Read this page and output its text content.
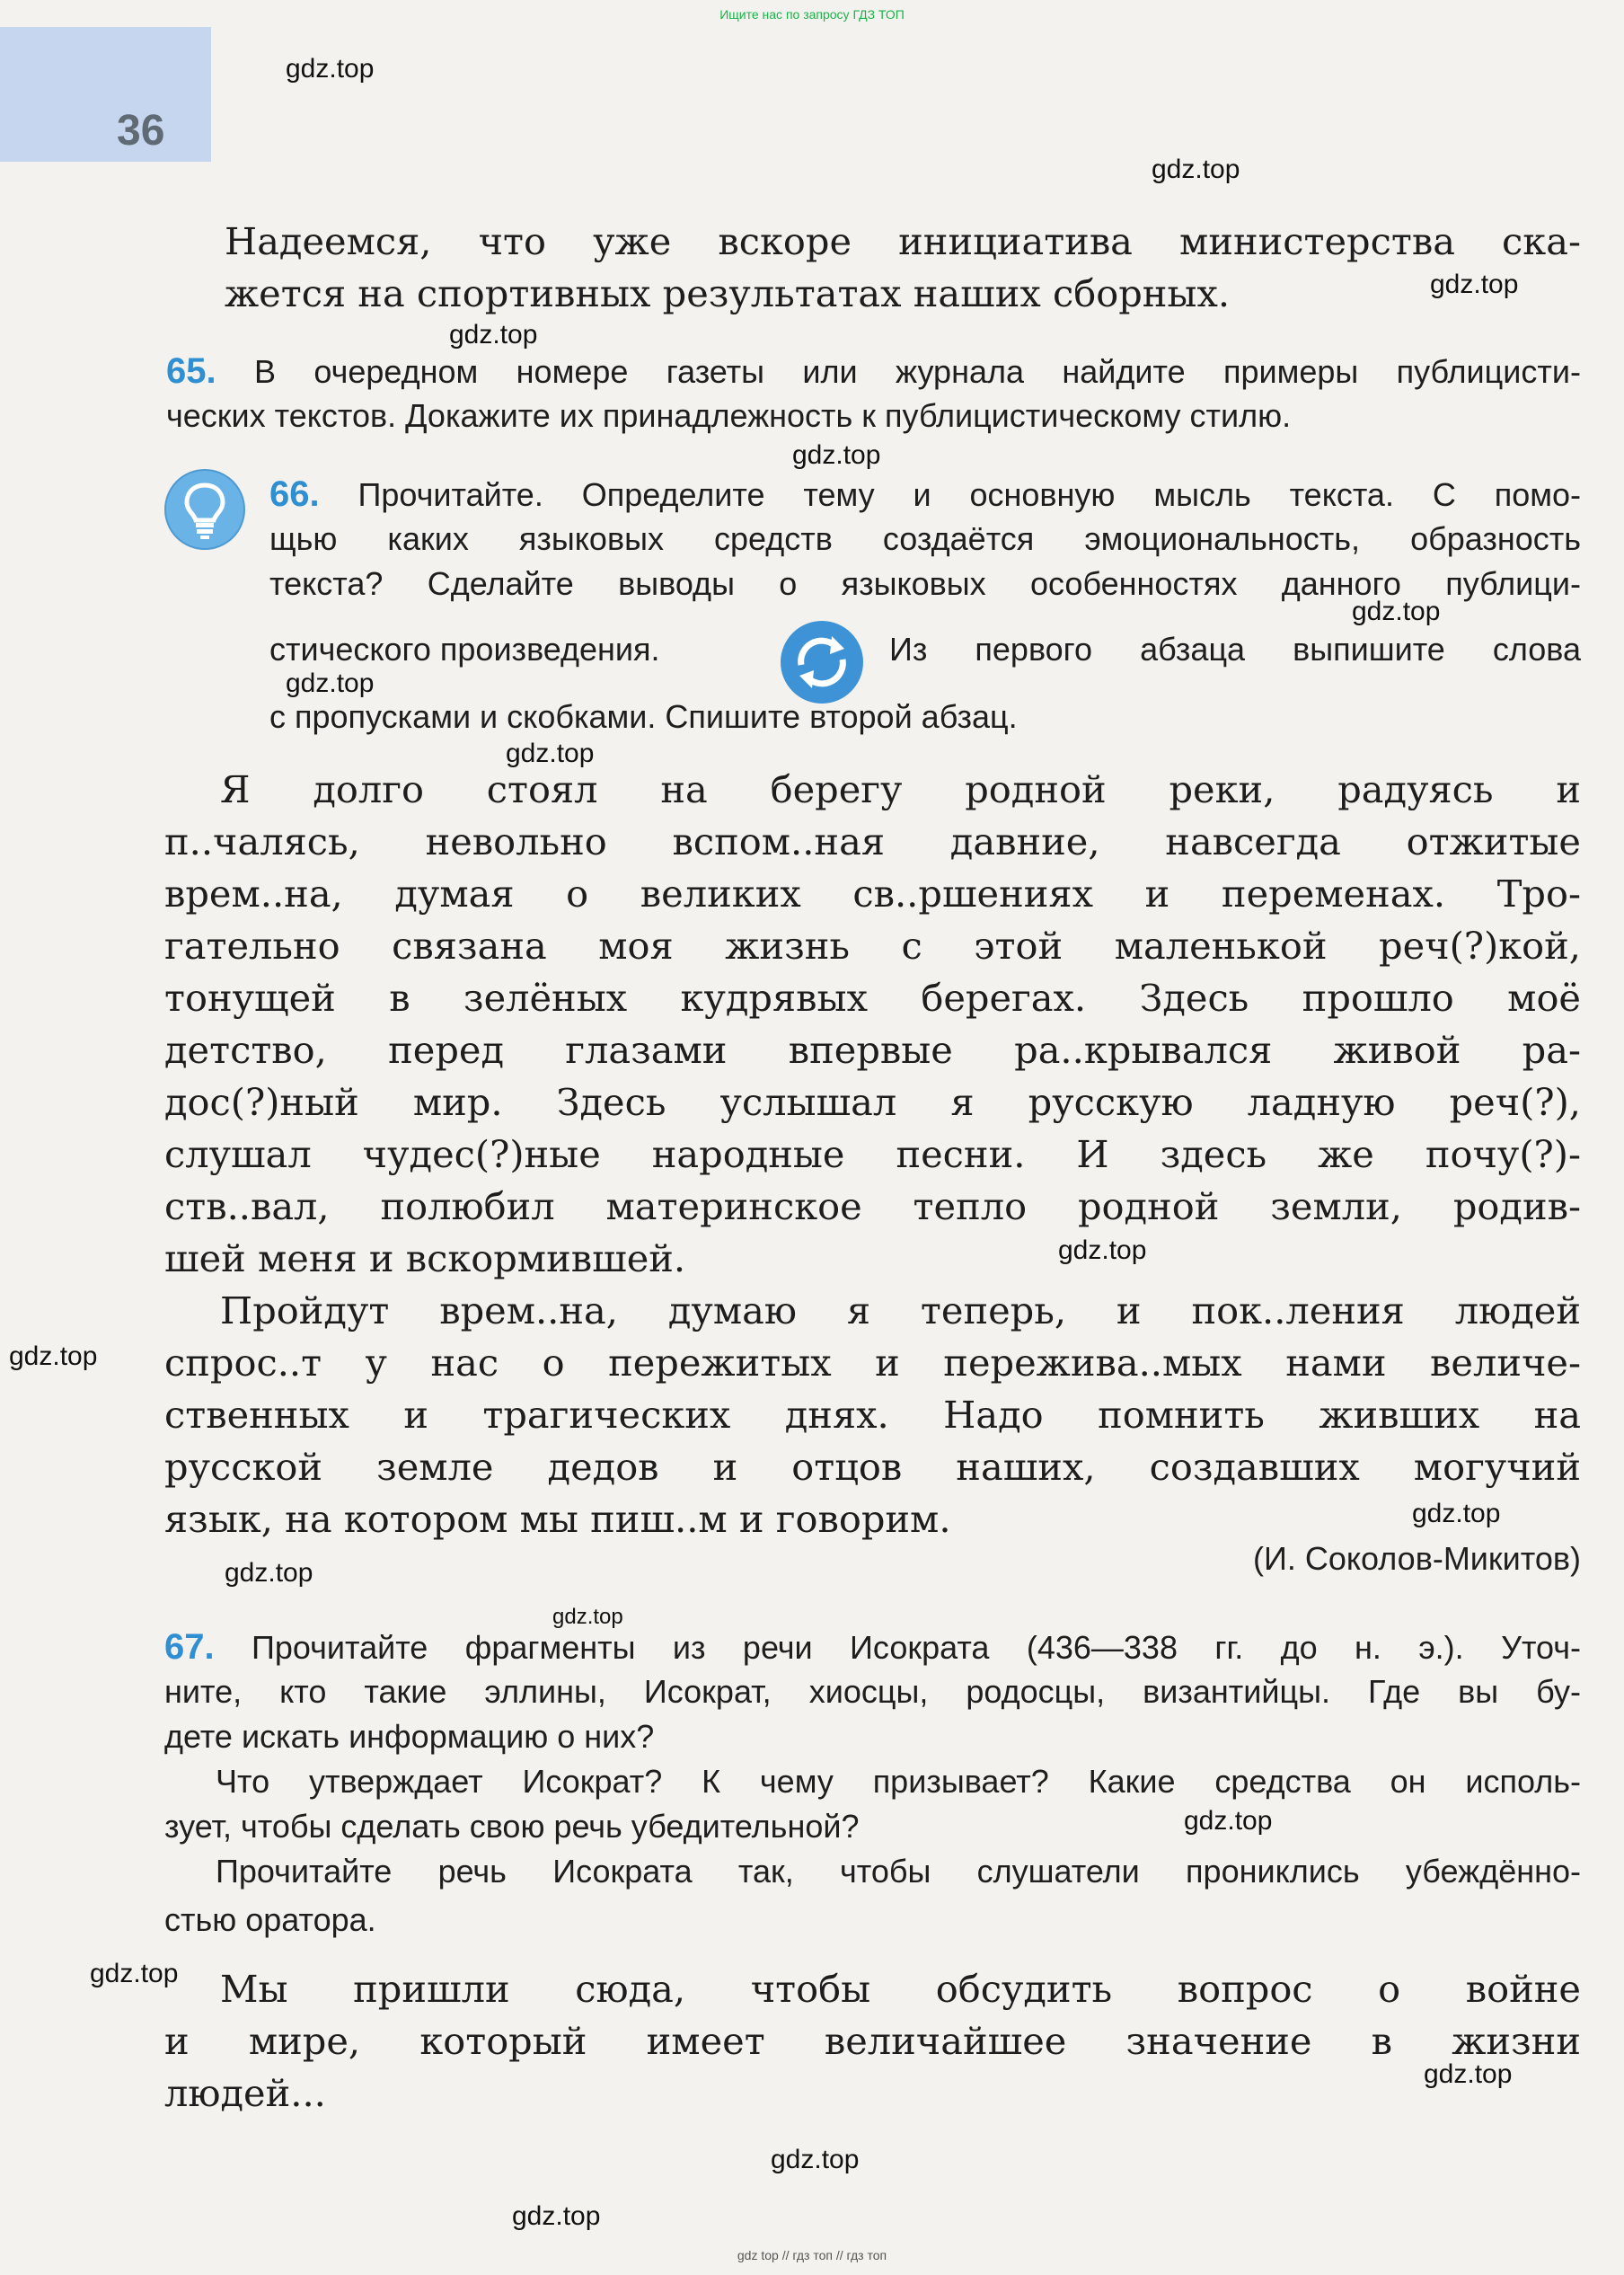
Ищите нас по запросу ГДЗ ТОП
36
Надеемся, что уже вскоре инициатива министерства ска-
жется на спортивных результатах наших сборных.
65. В очередном номере газеты или журнала найдите примеры публицисти-
ческих текстов. Докажите их принадлежность к публицистическому стилю.
66. Прочитайте. Определите тему и основную мысль текста. С помо-
щью каких языковых средств создаётся эмоциональность, образность
текста? Сделайте выводы о языковых особенностях данного публици-
стического произведения.	Из первого абзаца выпишите слова
с пропусками и скобками. Спишите второй абзац.
Я долго стоял на берегу родной реки, радуясь и
п..чалясь, невольно вспом..ная давние, навсегда отжитые
врем..на, думая о великих св..ршениях и переменах. Тро-
гательно связана моя жизнь с этой маленькой реч(?)кой,
тонущей в зелёных кудрявых берегах. Здесь прошло моё
детство, перед глазами впервые ра..крывался живой ра-
дос(?)ный мир. Здесь услышал я русскую ладную реч(?),
слушал чудес(?)ные народные песни. И здесь же почу(?)-
ств..вал, полюбил материнское тепло родной земли, родив-
шей меня и вскормившей.
Пройдут врем..на, думаю я теперь, и пок..ления людей
спрос..т у нас о пережитых и пережива..мых нами величе-
ственных и трагических днях. Надо помнить живших на
русской земле дедов и отцов наших, создавших могучий
язык, на котором мы пиш..м и говорим.
(И. Соколов-Микитов)
67. Прочитайте фрагменты из речи Исократа (436—338 гг. до н. э.). Уточ-
ните, кто такие эллины, Исократ, хиосцы, родосцы, византийцы. Где вы бу-
дете искать информацию о них?
Что утверждает Исократ? К чему призывает? Какие средства он исполь-
зует, чтобы сделать свою речь убедительной?
Прочитайте речь Исократа так, чтобы слушатели прониклись убеждённо-
стью оратора.
Мы пришли сюда, чтобы обсудить вопрос о войне
и мире, который имеет величайшее значение в жизни
людей...
gdz.top
gdz.top
gdz.top
gdz.top
gdz.top
gdz.top
gdz.top
gdz.top
gdz.top
gdz.top
gdz.top
gdz.top
gdz.top
gdz.top
gdz.top
gdz.top
gdz.top
gdz.top
gdz top // гдз топ // гдз топ
